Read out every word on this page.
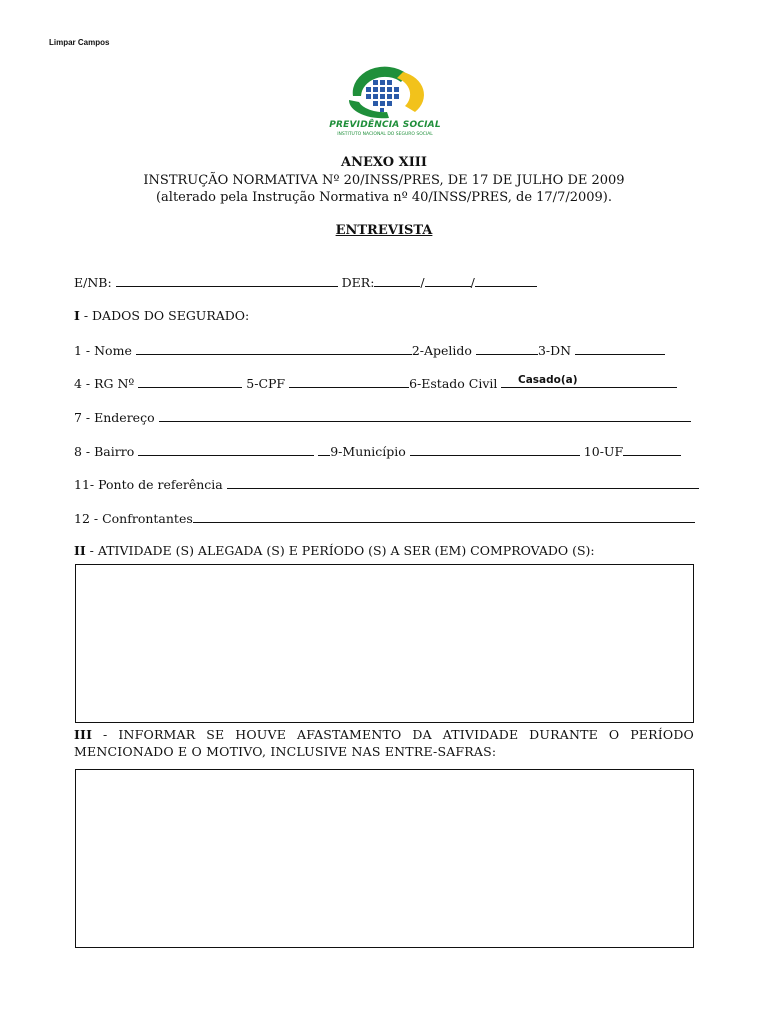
Limpar Campos
PREVIDÊNCIA SOCIAL
INSTITUTO NACIONAL DO SEGURO SOCIAL
ANEXO XIII
INSTRUÇÃO NORMATIVA Nº 20/INSS/PRES, DE 17 DE JULHO DE 2009
(alterado pela Instrução Normativa nº 40/INSS/PRES, de 17/7/2009).
ENTREVISTA
E/NB:	DER:	/	/
I - DADOS DO SEGURADO:
1 - Nome	2-Apelido	3-DN
4 - RG Nº	5-CPF	6-Estado Civil	Casado(a)
7 - Endereço
8 - Bairro	9-Município	10-UF
11- Ponto de referência
12 - Confrontantes
II - ATIVIDADE (S) ALEGADA (S) E PERÍODO (S) A SER (EM) COMPROVADO (S):
III - INFORMAR SE HOUVE AFASTAMENTO DA ATIVIDADE DURANTE O PERÍODO MENCIONADO E O MOTIVO, INCLUSIVE NAS ENTRE-SAFRAS:
